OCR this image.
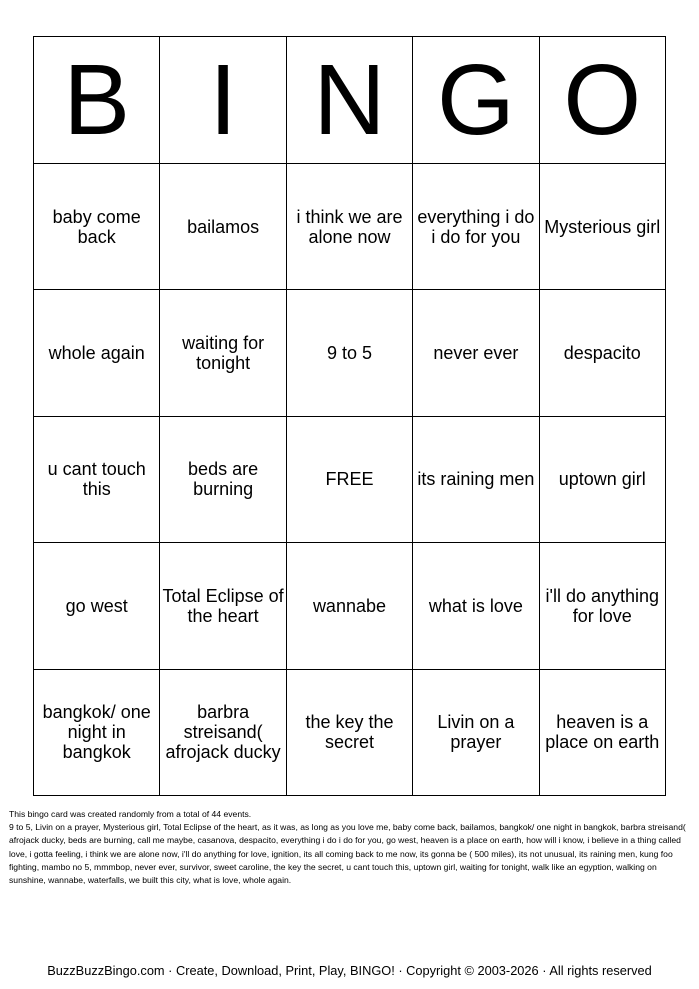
B	I	N	G	O

baby come back	bailamos	i think we are alone now	everything i do i do for you	Mysterious girl

whole again	waiting for tonight	9 to 5	never ever	despacito

u cant touch this	beds are burning	FREE	its raining men	uptown girl

go west	Total Eclipse of the heart	wannabe	what is love	i'll do anything for love

bangkok/ one night in bangkok	barbra streisand( afrojack ducky	the key the secret	Livin on a prayer	heaven is a place on earth

This bingo card was created randomly from a total of 44 events.

9 to 5, Livin on a prayer, Mysterious girl, Total Eclipse of the heart, as it was, as long as you love me, baby come back, bailamos, bangkok/ one night in bangkok, barbra streisand( afrojack ducky, beds are burning, call me maybe, casanova, despacito, everything i do i do for you, go west, heaven is a place on earth, how will i know, i believe in a thing called love, i gotta feeling, i think we are alone now, i'll do anything for love, ignition, its all coming back to me now, its gonna be ( 500 miles), its not unusual, its raining men, kung foo fighting, mambo no 5, mmmbop, never ever, survivor, sweet caroline, the key the secret, u cant touch this, uptown girl, waiting for tonight, walk like an egyption, walking on sunshine, wannabe, waterfalls, we built this city, what is love, whole again.

BuzzBuzzBingo.com · Create, Download, Print, Play, BINGO! · Copyright © 2003-2026 · All rights reserved
